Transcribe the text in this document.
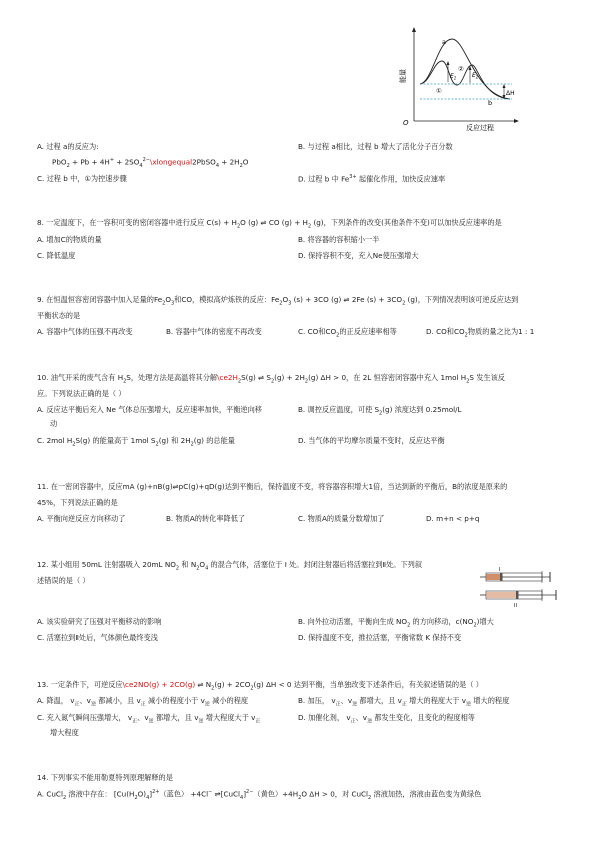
能量
反应过程
O
a
b
①
②
$E_1$	$E_2$
ΔH
A. 过程 a的反应为:
$PbO_2 + Pb + 4H^+ + 2SO_4^{2-}\backslash xlongequal2PbSO_4 + 2H_2O$
B. 与过程 a相比，过程 b 增大了活化分子百分数
C. 过程 b 中，①为控速步骤	D. 过程 b 中 $Fe^{3+}$ 起催化作用，加快反应速率
8. 一定温度下，在一容积可变的密闭容器中进行反应 $C(s) + H_2O$ (g) ⇌ CO $(g) + H_2$ (g)，下列条件的改变(其他条件不变)可以加快反应速率的是
A. 增加C的物质的量	B. 将容器的容积缩小一半
C. 降低温度	D. 保持容积不变，充入Ne使压强增大
9. 在恒温恒容密闭容器中加入足量的$Fe_2O_3$和CO，模拟高炉炼铁的反应：$Fe_2O_3$ (s) + 3CO (g) ⇌ 2Fe $(s) + 3CO_2$ (g)，下列情况表明该可逆反应达到
平衡状态的是
A. 容器中气体的压强不再改变	B. 容器中气体的密度不再改变	C. CO和$CO_2$的正反应速率相等	D. CO和$CO_2$物质的量之比为1 : 1
10. 油气开采的废气含有 $H_2S$，处理方法是高温将其分解$\backslash ce2H_2S(g)$ ⇌ $S_2(g) + 2H_2(g) \Delta H > 0$，在 2L 恒容密闭容器中充入 1mol $H_2S$ 发生该反
应。下列说法正确的是（ ）
A. 反应达平衡后充入 Ne 气体总压强增大，反应速率加快，平衡逆向移
动
B. 调控反应温度，可使 $S_2(g)$ 浓度达到 0.25mol/L
C. 2mol $H_2S(g)$ 的能量高于 1mol $S_2(g)$ 和 $2H_2(g)$ 的总能量	D. 当气体的平均摩尔质量不变时，反应达平衡
11. 在一密闭容器中，反应mA (g)+nB(g)⇌pC(g)+qD(g)达到平衡后，保持温度不变，将容器容积增大1倍，当达到新的平衡后，B的浓度是原来的
45%，下列说法正确的是
A. 平衡向逆反应方向移动了	B. 物质A的转化率降低了	C. 物质A的质量分数增加了	D. m+n < p+q
12. 某小组用 50mL 注射器吸入 20mL $NO_2$ 和 $N_2O_4$ 的混合气体，活塞位于 Ⅰ 处。封闭注射器后将活塞拉到Ⅱ处。下列叙
述错误的是（ ）
I
II
A. 该实验研究了压强对平衡移动的影响	B. 向外拉动活塞，平衡向生成 $NO_2$ 的方向移动，$c(NO_2)$增大
C. 活塞拉到Ⅱ处后，气体颜色最终变浅	D. 保持温度不变，推拉活塞，平衡常数 K 保持不变
13. 一定条件下，可逆反应\ce2NO(g) + 2CO(g) ⇌ $N_2(g) + 2CO_2(g) \Delta H < 0$ 达到平衡，当单独改变下述条件后，有关叙述错误的是（ ）
A. 降温， $v_正$、$v_逆$ 都减小，且 $v_正$ 减小的程度小于 $v_逆$ 减小的程度	B. 加压， $v_正$、$v_逆$ 都增大，且 $v_正$ 增大的程度大于 $v_逆$ 增大的程度
C. 充入氮气瞬间压强增大， $v_正$、$v_逆$ 都增大，且 $v_逆$ 增大程度大于 $v_正$
增大程度
D. 加催化剂， $v_正$、$v_逆$ 都发生变化，且变化的程度相等
14. 下列事实不能用勒夏特列原理解释的是
A. CuCl$_2$ 溶液中存在： $[Cu(H_2O)_4]^{2+}$（蓝色） +4Cl− ⇌[CuCl$_4$]$^{2-}$（黄色）$+4H_2O$ ΔH > 0，对 CuCl$_2$ 溶液加热，溶液由蓝色变为黄绿色
